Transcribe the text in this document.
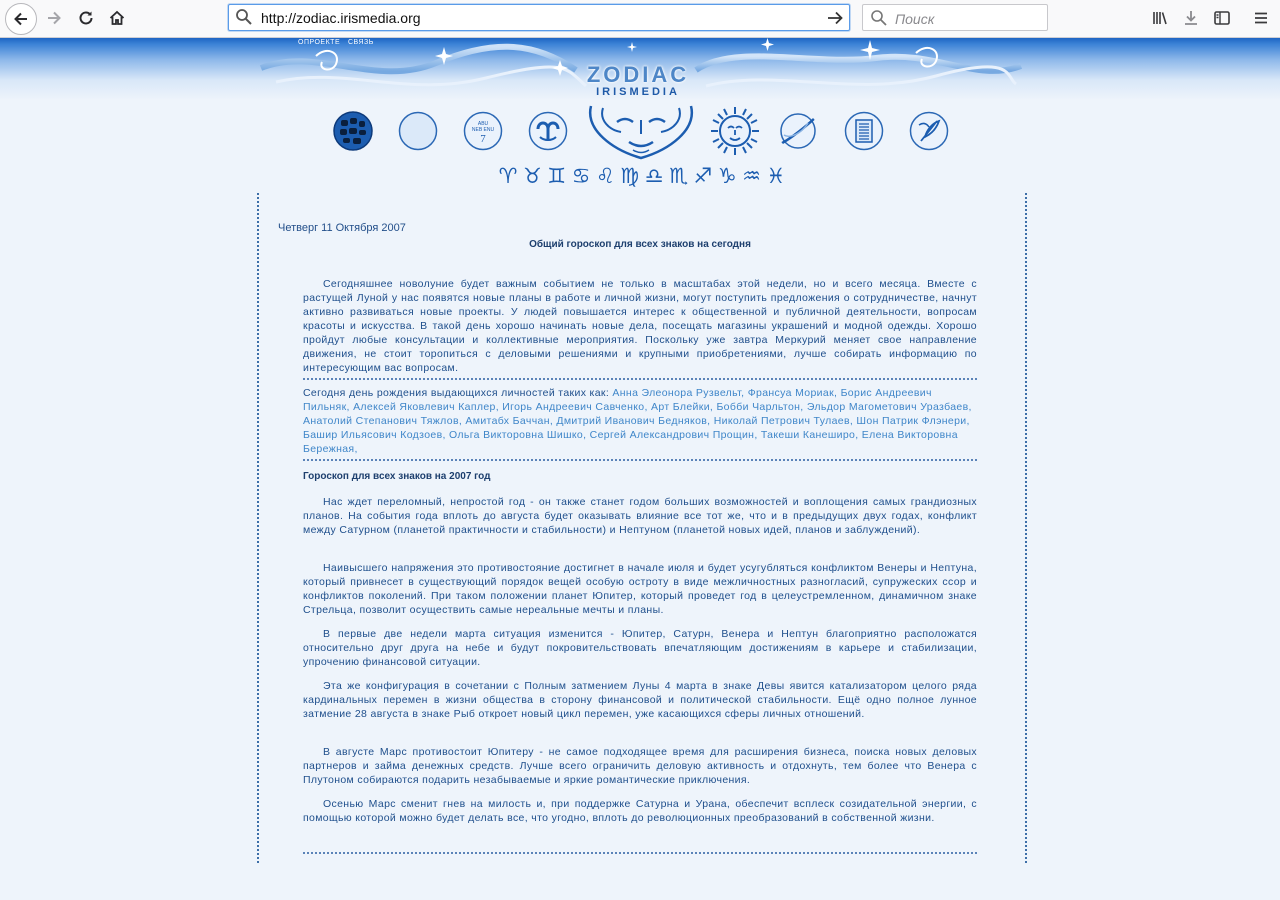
http://zodiac.irismedia.org
Поиск
ОПРОЕКТЕ СВЯЗЬ
ZODIAC
IRISMEDIA
ABU
NEB ENU
7
♈ ♉ ♊ ♋ ♌ ♍ ♎ ♏ ♐ ♑ ♒ ♓
Четверг 11 Октября 2007
Общий гороскоп для всех знаков на сегодня

Сегодняшнее новолуние будет важным событием не только в масштабах этой недели, но и всего месяца. Вместе с растущей Луной у нас появятся новые планы в работе и личной жизни, могут поступить предложения о сотрудничестве, начнут активно развиваться новые проекты. У людей повышается интерес к общественной и публичной деятельности, вопросам красоты и искусства. В такой день хорошо начинать новые дела, посещать магазины украшений и модной одежды. Хорошо пройдут любые консультации и коллективные мероприятия. Поскольку уже завтра Меркурий меняет свое направление движения, не стоит торопиться с деловыми решениями и крупными приобретениями, лучше собирать информацию по интересующим вас вопросам.

Сегодня день рождения выдающихся личностей таких как: Анна Элеонора Рузвельт, Франсуа Мориак, Борис Андреевич Пильняк, Алексей Яковлевич Каплер, Игорь Андреевич Савченко, Арт Блейки, Бобби Чарльтон, Эльдор Магометович Уразбаев, Анатолий Степанович Тяжлов, Амитабх Баччан, Дмитрий Иванович Бедняков, Николай Петрович Тулаев, Шон Патрик Флэнери, Башир Ильясович Кодзоев, Ольга Викторовна Шишко, Сергей Александрович Прощин, Такеши Канеширо, Елена Викторовна Бережная,

Гороскоп для всех знаков на 2007 год

Нас ждет переломный, непростой год - он также станет годом больших возможностей и воплощения самых грандиозных планов. На события года вплоть до августа будет оказывать влияние все тот же, что и в предыдущих двух годах, конфликт между Сатурном (планетой практичности и стабильности) и Нептуном (планетой новых идей, планов и заблуждений).

Наивысшего напряжения это противостояние достигнет в начале июля и будет усугубляться конфликтом Венеры и Нептуна, который привнесет в существующий порядок вещей особую остроту в виде межличностных разногласий, супружеских ссор и конфликтов поколений. При таком положении планет Юпитер, который проведет год в целеустремленном, динамичном знаке Стрельца, позволит осуществить самые нереальные мечты и планы.

В первые две недели марта ситуация изменится - Юпитер, Сатурн, Венера и Нептун благоприятно расположатся относительно друг друга на небе и будут покровительствовать впечатляющим достижениям в карьере и стабилизации, упрочению финансовой ситуации.

Эта же конфигурация в сочетании с Полным затмением Луны 4 марта в знаке Девы явится катализатором целого ряда кардинальных перемен в жизни общества в сторону финансовой и политической стабильности. Ещё одно полное лунное затмение 28 августа в знаке Рыб откроет новый цикл перемен, уже касающихся сферы личных отношений.

В августе Марс противостоит Юпитеру - не самое подходящее время для расширения бизнеса, поиска новых деловых партнеров и займа денежных средств. Лучше всего ограничить деловую активность и отдохнуть, тем более что Венера с Плутоном собираются подарить незабываемые и яркие романтические приключения.

Осенью Марс сменит гнев на милость и, при поддержке Сатурна и Урана, обеспечит всплеск созидательной энергии, с помощью которой можно будет делать все, что угодно, вплоть до революционных преобразований в собственной жизни.
